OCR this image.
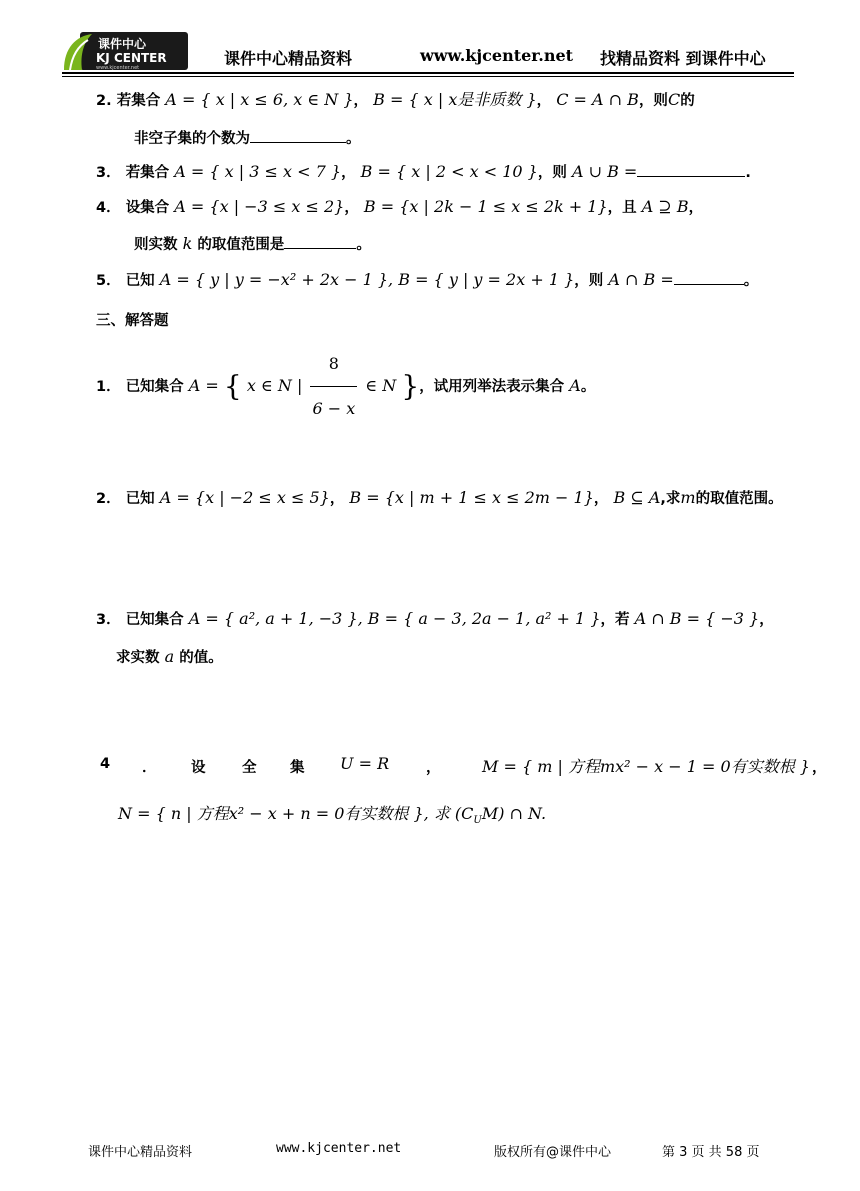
课件中心
KJ CENTER
www.kjcenter.net	课件中心精品资料	www.kjcenter.net 找精品资料 到课件中心
2. 若集合 A = { x | x ≤ 6, x ∈ N }， B = { x | x是非质数 }， C = A ∩ B，则C的
非空子集的个数为	。
3． 若集合 A = { x | 3 ≤ x < 7 }， B = { x | 2 < x < 10 }，则 A ∪ B =	.
4． 设集合 A = {x | −3 ≤ x ≤ 2}， B = {x | 2k − 1 ≤ x ≤ 2k + 1}，且 A ⊇ B，
则实数 k 的取值范围是	。
5． 已知 A = { y | y = −x² + 2x − 1 }, B = { y | y = 2x + 1 }，则 A ∩ B =	。
三、解答题
1． 已知集合 A = { x ∈ N | $\frac{8}{6 - x}$ ∈ N }，试用列举法表示集合 A。
2． 已知 A = {x | −2 ≤ x ≤ 5}， B = {x | m + 1 ≤ x ≤ 2m − 1}， B ⊆ A,求m的取值范围。
3． 已知集合 A = { a², a + 1, −3 }, B = { a − 3, 2a − 1, a² + 1 }，若 A ∩ B = { −3 }，
求实数 a 的值。
4 ． 设	全 集 U = R	，	M = { m | 方程mx² − x − 1 = 0有实数根 } ，
N = { n | 方程x² − x + n = 0有实数根 }, 求 $(C_UM)$ ∩ N.
课件中心精品资料	www.kjcenter.net	版权所有@课件中心	第 3 页 共 58 页
